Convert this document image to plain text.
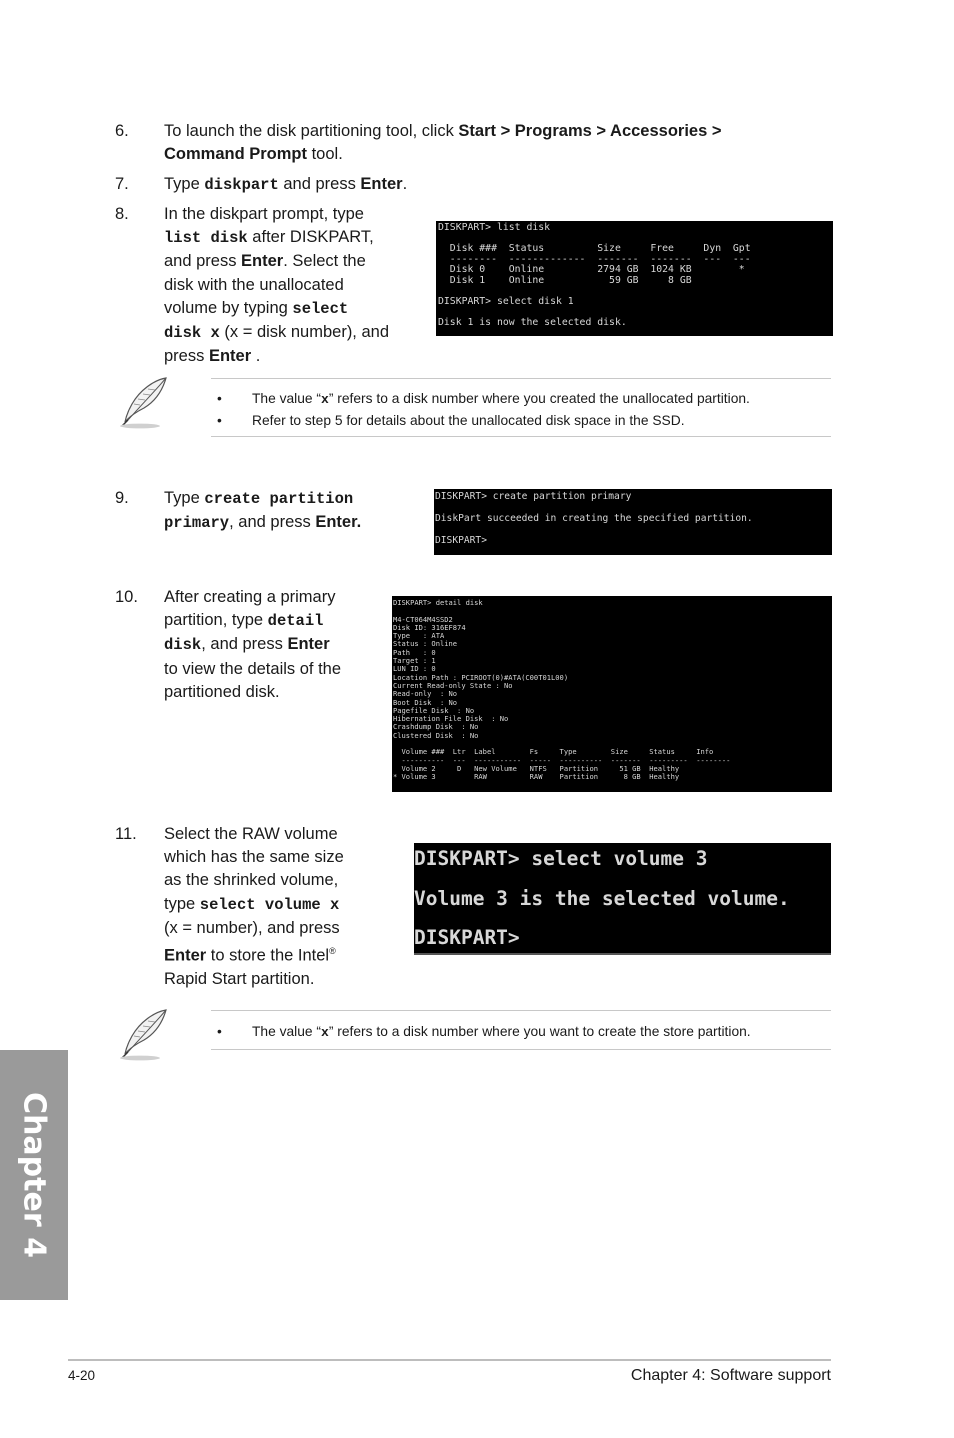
6. To launch the disk partitioning tool, click Start > Programs > Accessories >
Command Prompt tool.
7. Type diskpart and press Enter.
8. In the diskpart prompt, type
list disk after DISKPART,
and press Enter. Select the
disk with the unallocated
volume by typing select
disk x (x = disk number), and
press Enter .
DISKPART> list disk

Disk ###  Status         Size     Free     Dyn  Gpt
--------  -------------  -------  -------  ---  ---
Disk 0    Online         2794 GB  1024 KB        *
Disk 1    Online           59 GB     8 GB

DISKPART> select disk 1

Disk 1 is now the selected disk.
• The value “x” refers to a disk number where you created the unallocated partition.
• Refer to step 5 for details about the unallocated disk space in the SSD.
9. Type create partition
primary, and press Enter.
DISKPART> create partition primary

DiskPart succeeded in creating the specified partition.

DISKPART>
10. After creating a primary
partition, type detail
disk, and press Enter
to view the details of the
partitioned disk.
DISKPART> detail disk

M4-CT064M4SSD2
Disk ID: 316EF874
Type   : ATA
Status : Online
Path   : 0
Target : 1
LUN ID : 0
Location Path : PCIROOT(0)#ATA(C00T01L00)
Current Read-only State : No
Read-only  : No
Boot Disk  : No
Pagefile Disk  : No
Hibernation File Disk  : No
Crashdump Disk  : No
Clustered Disk  : No

Volume ###  Ltr  Label        Fs     Type        Size     Status     Info
----------  ---  -----------  -----  ----------  -------  ---------  --------
Volume 2     D   New Volume   NTFS   Partition     51 GB  Healthy
* Volume 3         RAW          RAW    Partition      8 GB  Healthy
11. Select the RAW volume
which has the same size
as the shrinked volume,
type select volume x
(x = number), and press
Enter to store the Intel®
Rapid Start partition.
DISKPART> select volume 3

Volume 3 is the selected volume.

DISKPART>
• The value “x” refers to a disk number where you want to create the store partition.
Chapter 4
4-20	Chapter 4: Software support
